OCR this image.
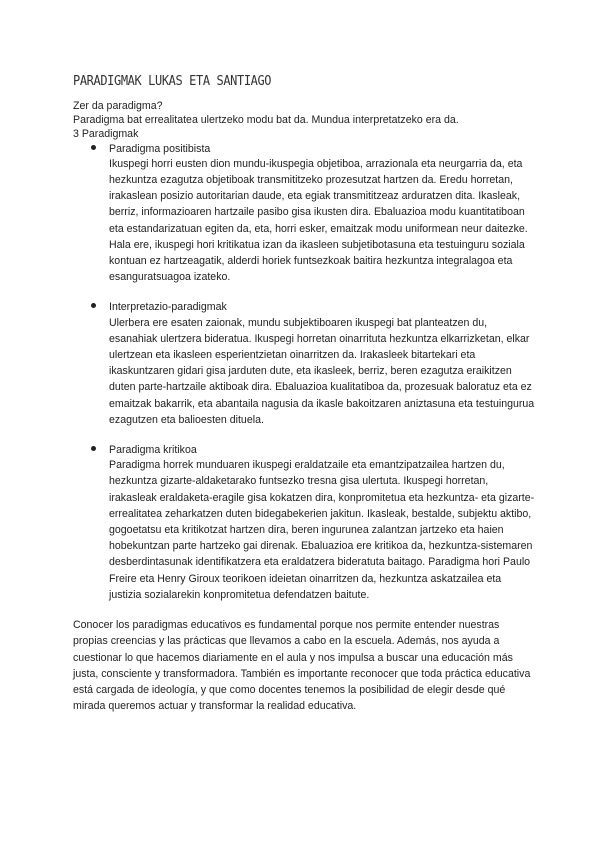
PARADIGMAK LUKAS ETA SANTIAGO

Zer da paradigma?

Paradigma bat errealitatea ulertzeko modu bat da. Mundua interpretatzeko era da.

3 Paradigmak

Paradigma positibista
Ikuspegi horri eusten dion mundu-ikuspegia objetiboa, arrazionala eta neurgarria da, eta hezkuntza ezagutza objetiboak transmititzeko prozesutzat hartzen da. Eredu horretan, irakaslean posizio autoritarian daude, eta egiak transmititzeaz arduratzen dita. Ikasleak, berriz, informazioaren hartzaile pasibo gisa ikusten dira. Ebaluazioa modu kuantitatiboan eta estandarizatuan egiten da, eta, horri esker, emaitzak modu uniformean neur daitezke. Hala ere, ikuspegi hori kritikatua izan da ikasleen subjetibotasuna eta testuinguru soziala kontuan ez hartzeagatik, alderdi horiek funtsezkoak baitira hezkuntza integralagoa eta esanguratsuagoa izateko.
Interpretazio-paradigmak
Ulerbera ere esaten zaionak, mundu subjektiboaren ikuspegi bat planteatzen du, esanahiak ulertzera bideratua. Ikuspegi horretan oinarrituta hezkuntza elkarrizketan, elkar ulertzean eta ikasleen esperientzietan oinarritzen da. Irakasleek bitartekari eta ikaskuntzaren gidari gisa jarduten dute, eta ikasleek, berriz, beren ezagutza eraikitzen duten parte-hartzaile aktiboak dira. Ebaluazioa kualitatiboa da, prozesuak baloratuz eta ez emaitzak bakarrik, eta abantaila nagusia da ikasle bakoitzaren aniztasuna eta testuingurua ezagutzen eta balioesten dituela.
Paradigma kritikoa
Paradigma horrek munduaren ikuspegi eraldatzaile eta emantzipatzailea hartzen du, hezkuntza gizarte-aldaketarako funtsezko tresna gisa ulertuta. Ikuspegi horretan, irakasleak eraldaketa-eragile gisa kokatzen dira, konpromitetua eta hezkuntza- eta gizarte-errealitatea zeharkatzen duten bidegabekerien jakitun. Ikasleak, bestalde, subjektu aktibo, gogoetatsu eta kritikotzat hartzen dira, beren ingurunea zalantzan jartzeko eta haien hobekuntzan parte hartzeko gai direnak. Ebaluazioa ere kritikoa da, hezkuntza-sistemaren desberdintasunak identifikatzera eta eraldatzera bideratuta baitago. Paradigma hori Paulo Freire eta Henry Giroux teorikoen ideietan oinarritzen da, hezkuntza askatzailea eta justizia sozialarekin konpromitetua defendatzen baitute.

Conocer los paradigmas educativos es fundamental porque nos permite entender nuestras propias creencias y las prácticas que llevamos a cabo en la escuela. Además, nos ayuda a cuestionar lo que hacemos diariamente en el aula y nos impulsa a buscar una educación más justa, consciente y transformadora. También es importante reconocer que toda práctica educativa está cargada de ideología, y que como docentes tenemos la posibilidad de elegir desde qué mirada queremos actuar y transformar la realidad educativa.
